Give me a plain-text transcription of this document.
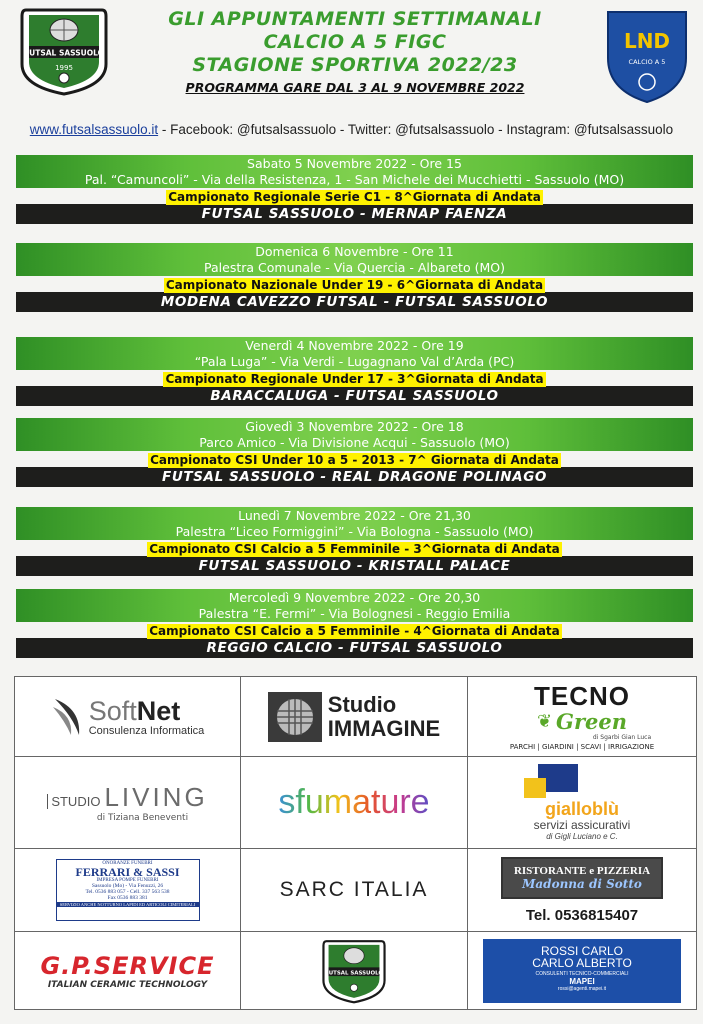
FUTSAL SASSUOLO
1995
GLI APPUNTAMENTI SETTIMANALI
CALCIO A 5 FIGC
STAGIONE SPORTIVA 2022/23
PROGRAMMA GARE DAL 3 AL 9 NOVEMBRE 2022
LND
CALCIO A 5
www.futsalsassuolo.it - Facebook: @futsalsassuolo - Twitter: @futsalsassuolo - Instagram: @futsalsassuolo
Sabato 5 Novembre 2022 - Ore 15
Pal. “Camuncoli” - Via della Resistenza, 1 - San Michele dei Mucchietti - Sassuolo (MO)
Campionato Regionale Serie C1 - 8^Giornata di Andata
FUTSAL SASSUOLO - MERNAP FAENZA
Domenica 6 Novembre - Ore 11
Palestra Comunale - Via Quercia - Albareto (MO)
Campionato Nazionale Under 19 - 6^Giornata di Andata
MODENA CAVEZZO FUTSAL - FUTSAL SASSUOLO
Venerdì 4 Novembre 2022 - Ore 19
“Pala Luga” - Via Verdi - Lugagnano Val d’Arda (PC)
Campionato Regionale Under 17 - 3^Giornata di Andata
BARACCALUGA - FUTSAL SASSUOLO
Giovedì 3 Novembre 2022 - Ore 18
Parco Amico - Via Divisione Acqui - Sassuolo (MO)
Campionato CSI Under 10 a 5 - 2013 - 7^ Giornata di Andata
FUTSAL SASSUOLO - REAL DRAGONE POLINAGO
Lunedì 7 Novembre 2022 - Ore 21,30
Palestra “Liceo Formiggini” - Via Bologna - Sassuolo (MO)
Campionato CSI Calcio a 5 Femminile - 3^Giornata di Andata
FUTSAL SASSUOLO - KRISTALL PALACE
Mercoledì 9 Novembre 2022 - Ore 20,30
Palestra “E. Fermi” - Via Bolognesi - Reggio Emilia
Campionato CSI Calcio a 5 Femminile - 4^Giornata di Andata
REGGIO CALCIO - FUTSAL SASSUOLO
SoftNet
Consulenza Informatica
Studio
IMMAGINE
TECNO
❦ Green
di Sgarbi Gian Luca
PARCHI | GIARDINI | SCAVI | IRRIGAZIONE
STUDIO LIVING
di Tiziana Beneventi	sfumature	gialloblù
servizi assicurativi
di Gigli Luciano e C.
ONORANZE FUNEBRI
FERRARI & SASSI
IMPRESA POMPE FUNEBRI
Sassuolo (Mo) - Via Fenuzzi, 26
Tel. 0536 883 057 - Cell. 337 563 538
Fax 0536 883 381
SERVIZIO ANCHE NOTTURNO LAPIDI ED ARTICOLI CIMITERIALI
SARC ITALIA
RISTORANTE e PIZZERIA
Madonna di Sotto
Tel. 0536815407
G.P.SERVICE
ITALIAN CERAMIC TECHNOLOGY
FUTSAL SASSUOLO
ROSSI CARLO
CARLO ALBERTO
CONSULENTI TECNICO-COMMERCIALI
MAPEI
rossi@agenti.mapei.it
